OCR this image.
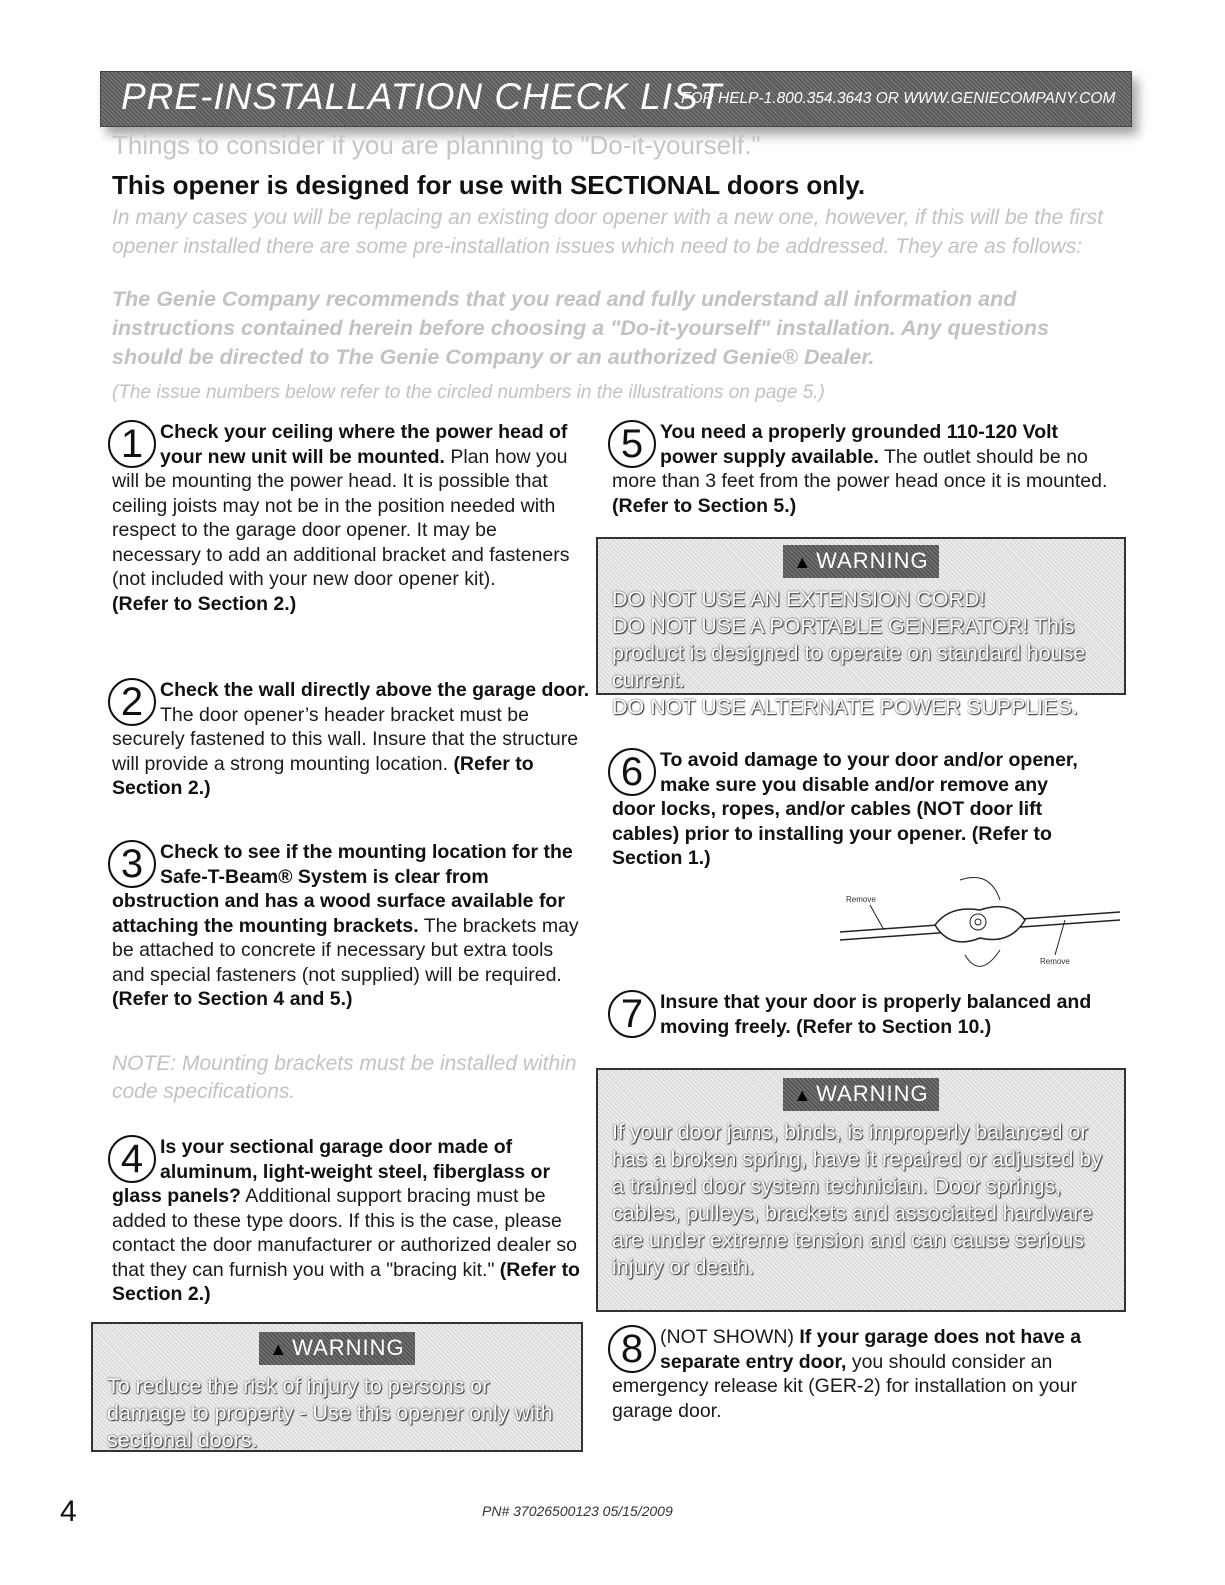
PRE-INSTALLATION CHECK LIST
FOR HELP-1.800.354.3643 OR WWW.GENIECOMPANY.COM
Things to consider if you are planning to "Do-it-yourself."
This opener is designed for use with SECTIONAL doors only.
In many cases you will be replacing an existing door opener with a new one, however, if this will be the first opener installed there are some pre-installation issues which need to be addressed. They are as follows:
The Genie Company recommends that you read and fully understand all information and instructions contained herein before choosing a "Do-it-yourself" installation. Any questions should be directed to The Genie Company or an authorized Genie® Dealer.
(The issue numbers below refer to the circled numbers in the illustrations on page 5.)
1 Check your ceiling where the power head of your new unit will be mounted. Plan how you will be mounting the power head. It is possible that ceiling joists may not be in the position needed with respect to the garage door opener. It may be necessary to add an additional bracket and fasteners (not included with your new door opener kit).
(Refer to Section 2.)
2 Check the wall directly above the garage door. The door opener’s header bracket must be securely fastened to this wall. Insure that the structure will provide a strong mounting location. (Refer to Section 2.)
3 Check to see if the mounting location for the Safe-T-Beam® System is clear from obstruction and has a wood surface available for attaching the mounting brackets. The brackets may be attached to concrete if necessary but extra tools and special fasteners (not supplied) will be required. (Refer to Section 4 and 5.)
NOTE: Mounting brackets must be installed within code specifications.
4 Is your sectional garage door made of aluminum, light-weight steel, fiberglass or glass panels? Additional support bracing must be added to these type doors. If this is the case, please contact the door manufacturer or authorized dealer so that they can furnish you with a "bracing kit." (Refer to Section 2.)
▲ WARNING
To reduce the risk of injury to persons or damage to property - Use this opener only with sectional doors.
5 You need a properly grounded 110-120 Volt power supply available. The outlet should be no more than 3 feet from the power head once it is mounted. (Refer to Section 5.)
▲ WARNING
DO NOT USE AN EXTENSION CORD!
DO NOT USE A PORTABLE GENERATOR! This product is designed to operate on standard house current.
DO NOT USE ALTERNATE POWER SUPPLIES.
6 To avoid damage to your door and/or opener, make sure you disable and/or remove any door locks, ropes, and/or cables (NOT door lift cables) prior to installing your opener. (Refer to Section 1.)
Remove
Remove
7 Insure that your door is properly balanced and moving freely. (Refer to Section 10.)
▲ WARNING
If your door jams, binds, is improperly balanced or has a broken spring, have it repaired or adjusted by a trained door system technician. Door springs, cables, pulleys, brackets and associated hardware are under extreme tension and can cause serious injury or death.
8 (NOT SHOWN) If your garage does not have a separate entry door, you should consider an emergency release kit (GER-2) for installation on your garage door.
4	PN# 37026500123 05/15/2009
